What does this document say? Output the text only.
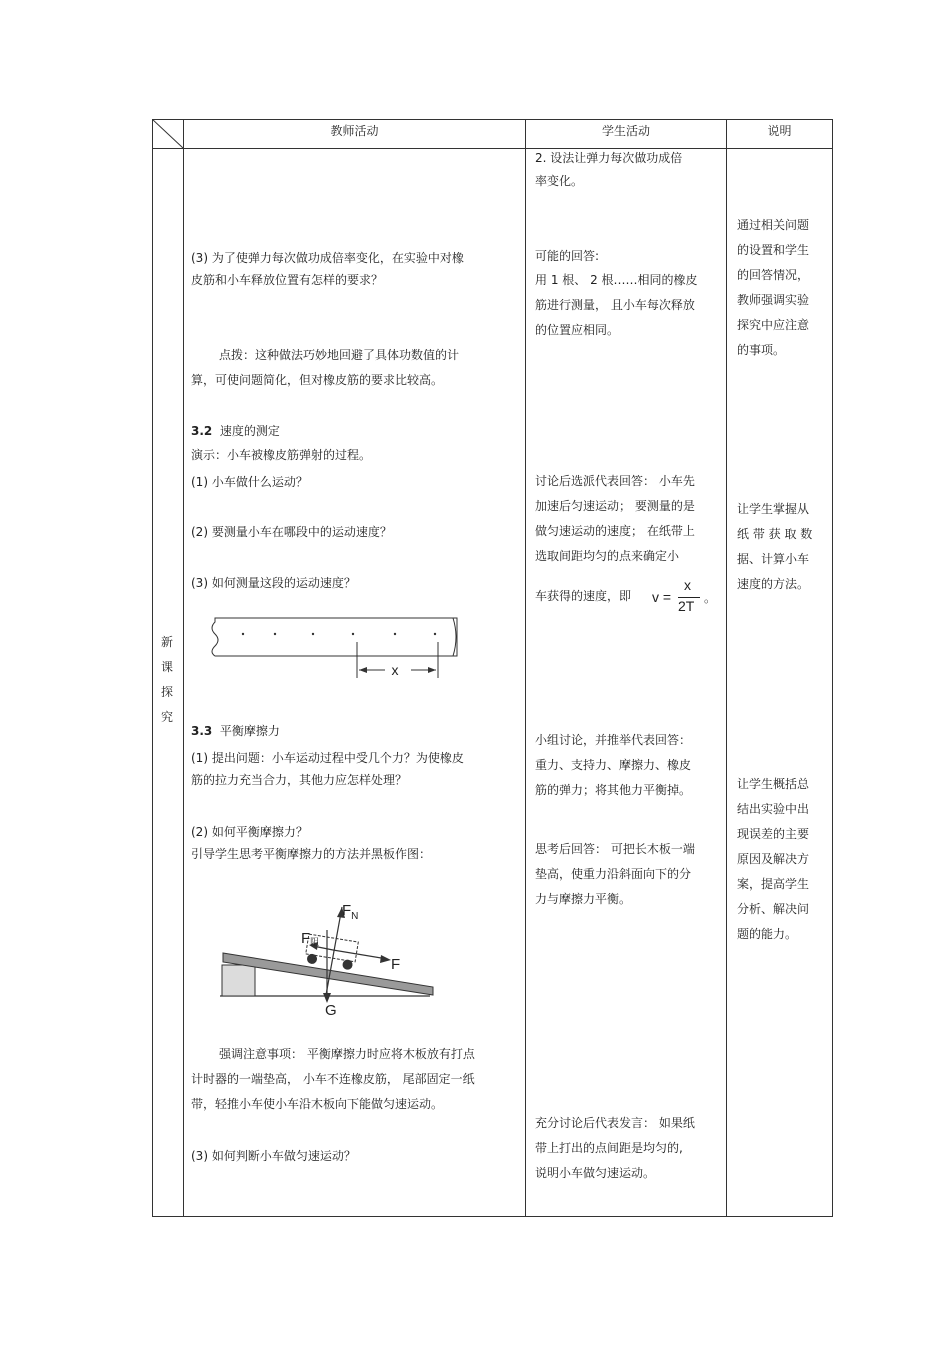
教师活动	学生活动	说明
新
课
探
究
(3) 为了使弹力每次做功成倍率变化，在实验中对橡
皮筋和小车释放位置有怎样的要求？
点拨：这种做法巧妙地回避了具体功数值的计
算，可使问题简化，但对橡皮筋的要求比较高。
3.2 速度的测定
演示：小车被橡皮筋弹射的过程。
(1) 小车做什么运动？
(2) 要测量小车在哪段中的运动速度？
(3) 如何测量这段的运动速度？
x
3.3 平衡摩擦力
(1) 提出问题：小车运动过程中受几个力？为使橡皮
筋的拉力充当合力，其他力应怎样处理？
(2) 如何平衡摩擦力？
引导学生思考平衡摩擦力的方法并黑板作图：
$F_N$
F阻
F
G
强调注意事项： 平衡摩擦力时应将木板放有打点
计时器的一端垫高， 小车不连橡皮筋， 尾部固定一纸
带，轻推小车使小车沿木板向下能做匀速运动。
(3) 如何判断小车做匀速运动？
2. 设法让弹力每次做功成倍
率变化。
可能的回答:
用 1 根、 2 根……相同的橡皮
筋进行测量， 且小车每次释放
的位置应相同。
讨论后选派代表回答： 小车先
加速后匀速运动； 要测量的是
做匀速运动的速度； 在纸带上
选取间距均匀的点来确定小
车获得的速度，即 v =
x
2T 。
小组讨论，并推举代表回答：
重力、支持力、摩擦力、橡皮
筋的弹力；将其他力平衡掉。
思考后回答： 可把长木板一端
垫高，使重力沿斜面向下的分
力与摩擦力平衡。
充分讨论后代表发言： 如果纸
带上打出的点间距是均匀的,
说明小车做匀速运动。
通过相关问题
的设置和学生
的回答情况，
教师强调实验
探究中应注意
的事项。
让学生掌握从
纸 带 获 取 数
据、计算小车
速度的方法。
让学生概括总
结出实验中出
现误差的主要
原因及解决方
案，提高学生
分析、解决问
题的能力。
